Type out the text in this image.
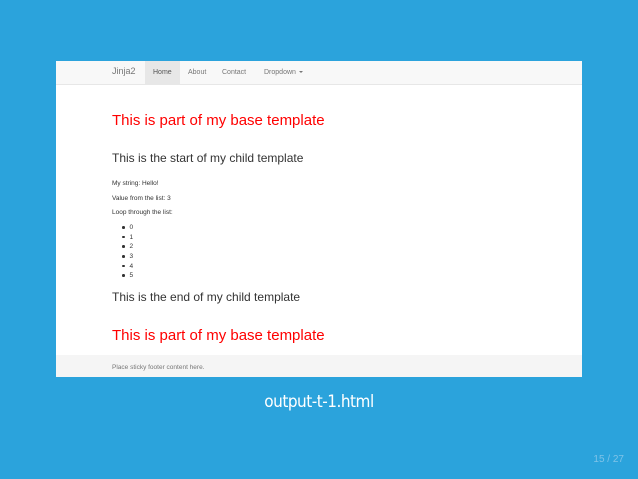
Jinja2	Home	About	Contact	Dropdown
This is part of my base template
This is the start of my child template
My string: Hello!
Value from the list: 3
Loop through the list:
0
1
2
3
4
5
This is the end of my child template
This is part of my base template
Place sticky footer content here.
output-t-1.html
15 / 27
